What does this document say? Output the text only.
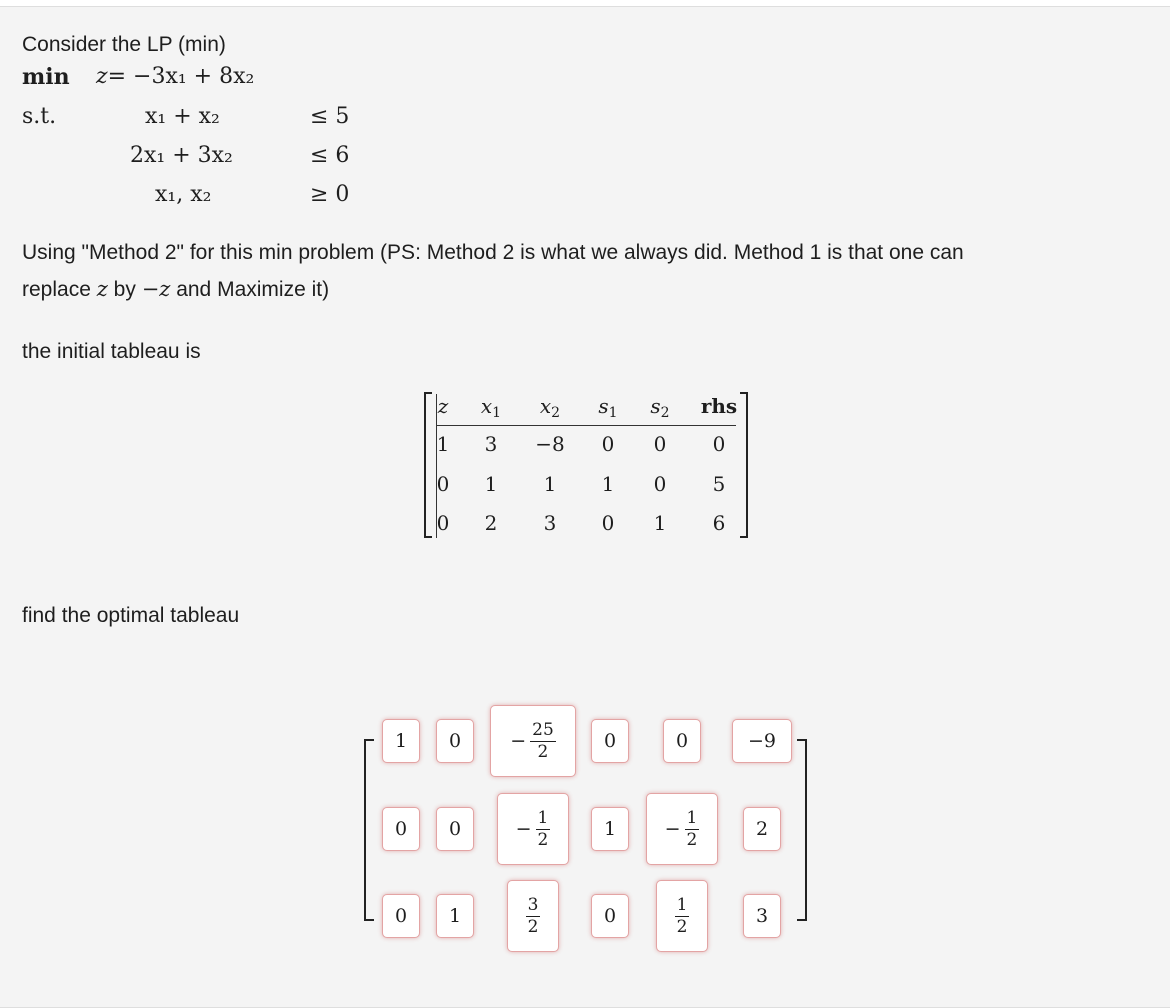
Consider the LP (min)
min z= −3x₁ + 8x₂
s.t.	x₁ + x₂	≤ 5
2x₁ + 3x₂	≤ 6
x₁, x₂	≥ 0
Using "Method 2" for this min problem (PS: Method 2 is what we always did. Method 1 is that one can
replace z by −z and Maximize it)
the initial tableau is
z	$x_1$	$x_2$	$s_1$	$s_2$	rhs
1	3	−8	0	0	0
0	1	1	1	0	5
0	2	3	0	1	6
find the optimal tableau
1	0	− $\frac{25}{2}$	0	0	−9
0	0	− $\frac{1}{2}$	1	− $\frac{1}{2}$	2
0	1	$\frac{3}{2}$	0	$\frac{1}{2}$	3
